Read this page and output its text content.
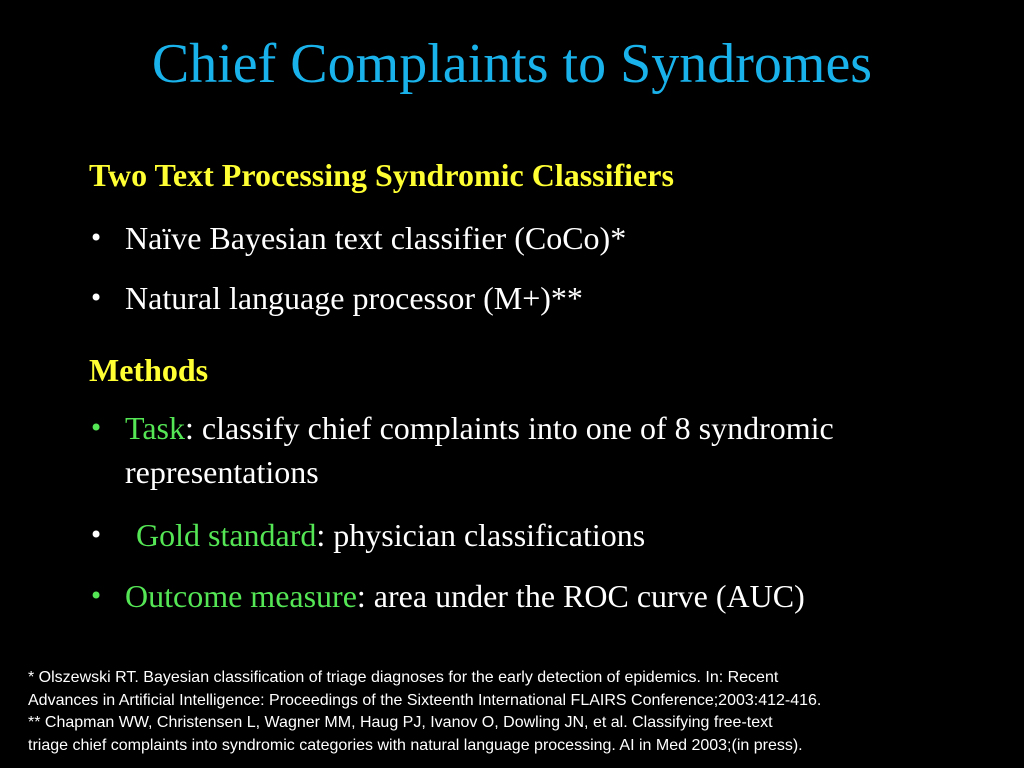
Chief Complaints to Syndromes
Two Text Processing Syndromic Classifiers
• Naïve Bayesian text classifier (CoCo)*
• Natural language processor (M+)**
Methods
• Task: classify chief complaints into one of 8 syndromic representations
• Gold standard: physician classifications
• Outcome measure: area under the ROC curve (AUC)
* Olszewski RT. Bayesian classification of triage diagnoses for the early detection of epidemics. In: Recent
Advances in Artificial Intelligence: Proceedings of the Sixteenth International FLAIRS Conference;2003:412-416.
** Chapman WW, Christensen L, Wagner MM, Haug PJ, Ivanov O, Dowling JN, et al. Classifying free-text
triage chief complaints into syndromic categories with natural language processing. AI in Med 2003;(in press).
